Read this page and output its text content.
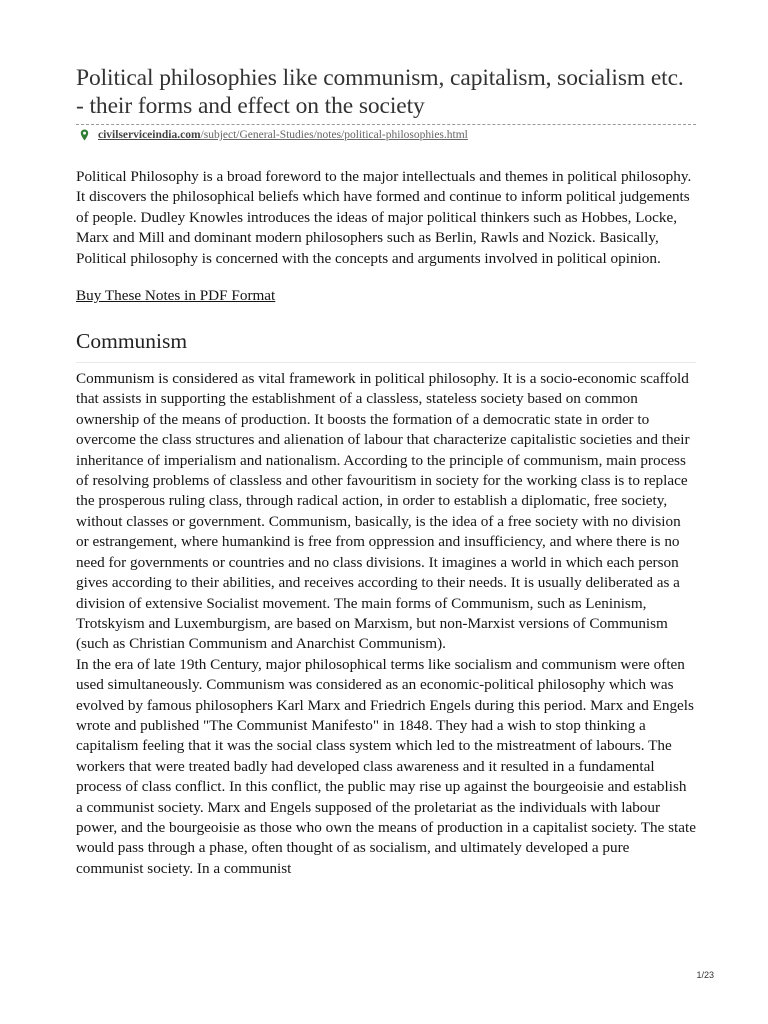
Political philosophies like communism, capitalism, socialism etc. - their forms and effect on the society
civilserviceindia.com /subject/General-Studies/notes/political-philosophies.html

Political Philosophy is a broad foreword to the major intellectuals and themes in political philosophy. It discovers the philosophical beliefs which have formed and continue to inform political judgements of people. Dudley Knowles introduces the ideas of major political thinkers such as Hobbes, Locke, Marx and Mill and dominant modern philosophers such as Berlin, Rawls and Nozick. Basically, Political philosophy is concerned with the concepts and arguments involved in political opinion.

Buy These Notes in PDF Format
Communism

Communism is considered as vital framework in political philosophy. It is a socio-economic scaffold that assists in supporting the establishment of a classless, stateless society based on common ownership of the means of production. It boosts the formation of a democratic state in order to overcome the class structures and alienation of labour that characterize capitalistic societies and their inheritance of imperialism and nationalism. According to the principle of communism, main process of resolving problems of classless and other favouritism in society for the working class is to replace the prosperous ruling class, through radical action, in order to establish a diplomatic, free society, without classes or government. Communism, basically, is the idea of a free society with no division or estrangement, where humankind is free from oppression and insufficiency, and where there is no need for governments or countries and no class divisions. It imagines a world in which each person gives according to their abilities, and receives according to their needs. It is usually deliberated as a division of extensive Socialist movement. The main forms of Communism, such as Leninism, Trotskyism and Luxemburgism, are based on Marxism, but non-Marxist versions of Communism (such as Christian Communism and Anarchist Communism).

In the era of late 19th Century, major philosophical terms like socialism and communism were often used simultaneously. Communism was considered as an economic-political philosophy which was evolved by famous philosophers Karl Marx and Friedrich Engels during this period. Marx and Engels wrote and published "The Communist Manifesto" in 1848. They had a wish to stop thinking a capitalism feeling that it was the social class system which led to the mistreatment of labours. The workers that were treated badly had developed class awareness and it resulted in a fundamental process of class conflict. In this conflict, the public may rise up against the bourgeoisie and establish a communist society. Marx and Engels supposed of the proletariat as the individuals with labour power, and the bourgeoisie as those who own the means of production in a capitalist society. The state would pass through a phase, often thought of as socialism, and ultimately developed a pure communist society. In a communist

1/23
